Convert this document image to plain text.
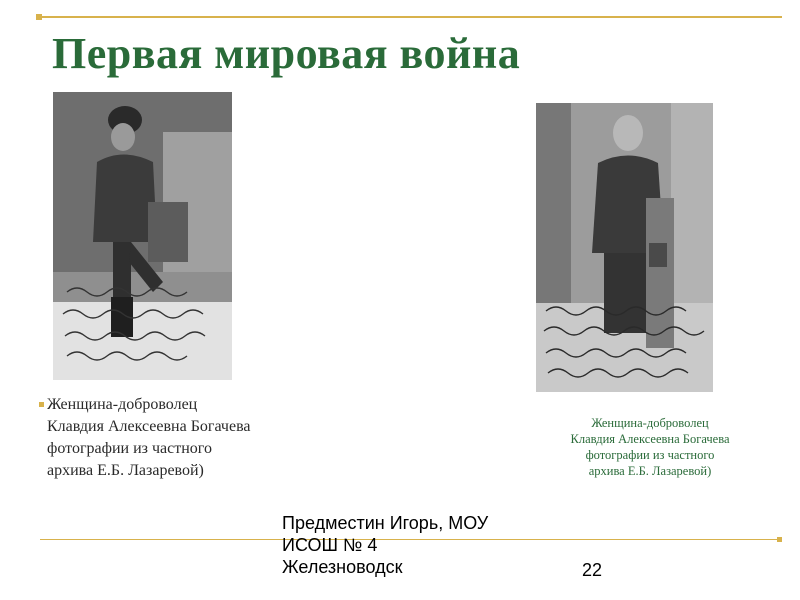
Первая мировая война
Женщина-доброволец
Клавдия Алексеевна Богачева
фотографии из частного
архива Е.Б. Лазаревой)
Женщина-доброволец
Клавдия Алексеевна Богачева
фотографии из частного
архива Е.Б. Лазаревой)
Предместин Игорь, МОУ
ИСОШ № 4
Железноводск	22
